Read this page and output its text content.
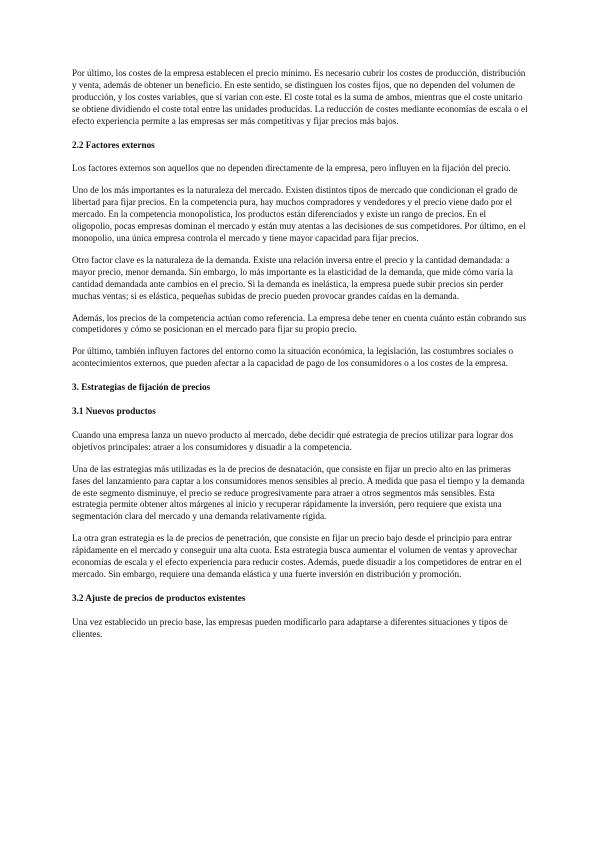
Por último, los costes de la empresa establecen el precio mínimo. Es necesario cubrir los costes de producción, distribución y venta, además de obtener un beneficio. En este sentido, se distinguen los costes fijos, que no dependen del volumen de producción, y los costes variables, que sí varían con este. El coste total es la suma de ambos, mientras que el coste unitario se obtiene dividiendo el coste total entre las unidades producidas. La reducción de costes mediante economías de escala o el efecto experiencia permite a las empresas ser más competitivas y fijar precios más bajos.

2.2 Factores externos

Los factores externos son aquellos que no dependen directamente de la empresa, pero influyen en la fijación del precio.

Uno de los más importantes es la naturaleza del mercado. Existen distintos tipos de mercado que condicionan el grado de libertad para fijar precios. En la competencia pura, hay muchos compradores y vendedores y el precio viene dado por el mercado. En la competencia monopolística, los productos están diferenciados y existe un rango de precios. En el oligopolio, pocas empresas dominan el mercado y están muy atentas a las decisiones de sus competidores. Por último, en el monopolio, una única empresa controla el mercado y tiene mayor capacidad para fijar precios.

Otro factor clave es la naturaleza de la demanda. Existe una relación inversa entre el precio y la cantidad demandada: a mayor precio, menor demanda. Sin embargo, lo más importante es la elasticidad de la demanda, que mide cómo varía la cantidad demandada ante cambios en el precio. Si la demanda es inelástica, la empresa puede subir precios sin perder muchas ventas; si es elástica, pequeñas subidas de precio pueden provocar grandes caídas en la demanda.

Además, los precios de la competencia actúan como referencia. La empresa debe tener en cuenta cuánto están cobrando sus competidores y cómo se posicionan en el mercado para fijar su propio precio.

Por último, también influyen factores del entorno como la situación económica, la legislación, las costumbres sociales o acontecimientos externos, que pueden afectar a la capacidad de pago de los consumidores o a los costes de la empresa.

3. Estrategias de fijación de precios
3.1 Nuevos productos

Cuando una empresa lanza un nuevo producto al mercado, debe decidir qué estrategia de precios utilizar para lograr dos objetivos principales: atraer a los consumidores y disuadir a la competencia.

Una de las estrategias más utilizadas es la de precios de desnatación, que consiste en fijar un precio alto en las primeras fases del lanzamiento para captar a los consumidores menos sensibles al precio. A medida que pasa el tiempo y la demanda de este segmento disminuye, el precio se reduce progresivamente para atraer a otros segmentos más sensibles. Esta estrategia permite obtener altos márgenes al inicio y recuperar rápidamente la inversión, pero requiere que exista una segmentación clara del mercado y una demanda relativamente rígida.

La otra gran estrategia es la de precios de penetración, que consiste en fijar un precio bajo desde el principio para entrar rápidamente en el mercado y conseguir una alta cuota. Esta estrategia busca aumentar el volumen de ventas y aprovechar economías de escala y el efecto experiencia para reducir costes. Además, puede disuadir a los competidores de entrar en el mercado. Sin embargo, requiere una demanda elástica y una fuerte inversión en distribución y promoción.

3.2 Ajuste de precios de productos existentes

Una vez establecido un precio base, las empresas pueden modificarlo para adaptarse a diferentes situaciones y tipos de clientes.
